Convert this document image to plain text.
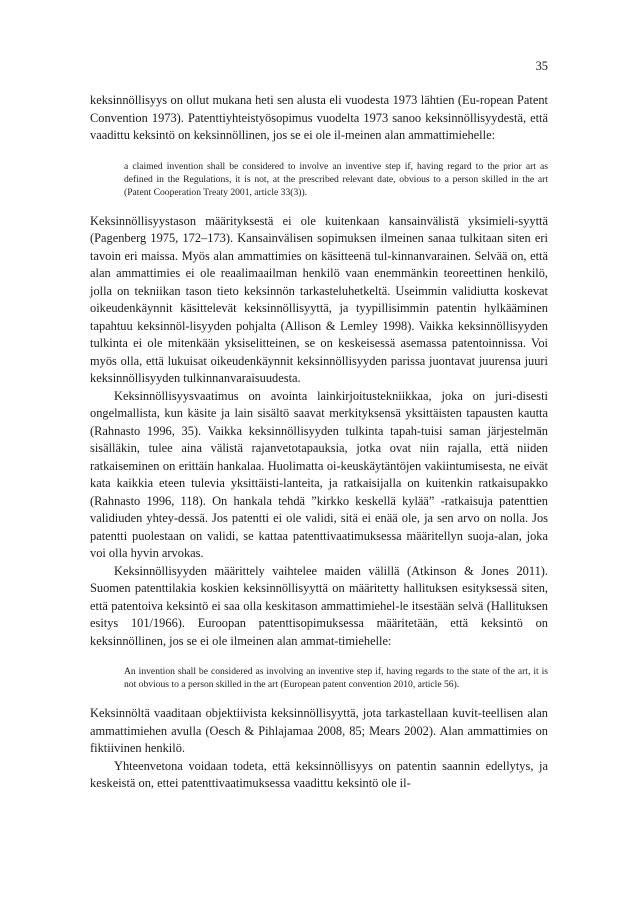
35

keksinnöllisyys on ollut mukana heti sen alusta eli vuodesta 1973 lähtien (Eu-ropean Patent Convention 1973). Patenttiyhteistyösopimus vuodelta 1973 sanoo keksinnöllisyydestä, että vaadittu keksintö on keksinnöllinen, jos se ei ole il-meinen alan ammattimiehelle:

a claimed invention shall be considered to involve an inventive step if, having regard to the prior art as defined in the Regulations, it is not, at the prescribed relevant date, obvious to a person skilled in the art (Patent Cooperation Treaty 2001, article 33(3)).

Keksinnöllisyystason määrityksestä ei ole kuitenkaan kansainvälistä yksimieli-syyttä (Pagenberg 1975, 172–173). Kansainvälisen sopimuksen ilmeinen sanaa tulkitaan siten eri tavoin eri maissa. Myös alan ammattimies on käsitteenä tul-kinnanvarainen. Selvää on, että alan ammattimies ei ole reaalimaailman henkilö vaan enemmänkin teoreettinen henkilö, jolla on tekniikan tason tieto keksinnön tarkasteluhetkeltä. Useimmin validiutta koskevat oikeudenkäynnit käsittelevät keksinnöllisyyttä, ja tyypillisimmin patentin hylkääminen tapahtuu keksinnöl-lisyyden pohjalta (Allison & Lemley 1998). Vaikka keksinnöllisyyden tulkinta ei ole mitenkään yksiselitteinen, se on keskeisessä asemassa patentoinnissa. Voi myös olla, että lukuisat oikeudenkäynnit keksinnöllisyyden parissa juontavat juurensa juuri keksinnöllisyyden tulkinnanvaraisuudesta.

Keksinnöllisyysvaatimus on avointa lainkirjoitustekniikkaa, joka on juri-disesti ongelmallista, kun käsite ja lain sisältö saavat merkityksensä yksittäisten tapausten kautta (Rahnasto 1996, 35). Vaikka keksinnöllisyyden tulkinta tapah-tuisi saman järjestelmän sisälläkin, tulee aina välistä rajanvetotapauksia, jotka ovat niin rajalla, että niiden ratkaiseminen on erittäin hankalaa. Huolimatta oi-keuskäytäntöjen vakiintumisesta, ne eivät kata kaikkia eteen tulevia yksittäisti-lanteita, ja ratkaisijalla on kuitenkin ratkaisupakko (Rahnasto 1996, 118). On hankala tehdä ”kirkko keskellä kylää” -ratkaisuja patenttien validiuden yhtey-dessä. Jos patentti ei ole validi, sitä ei enää ole, ja sen arvo on nolla. Jos patentti puolestaan on validi, se kattaa patenttivaatimuksessa määritellyn suoja-alan, joka voi olla hyvin arvokas.

Keksinnöllisyyden määrittely vaihtelee maiden välillä (Atkinson & Jones 2011). Suomen patenttilakia koskien keksinnöllisyyttä on määritetty hallituksen esityksessä siten, että patentoiva keksintö ei saa olla keskitason ammattimiehel-le itsestään selvä (Hallituksen esitys 101/1966). Euroopan patenttisopimuksessa määritetään, että keksintö on keksinnöllinen, jos se ei ole ilmeinen alan ammat-timiehelle:

An invention shall be considered as involving an inventive step if, having regards to the state of the art, it is not obvious to a person skilled in the art (European patent convention 2010, article 56).

Keksinnöltä vaaditaan objektiivista keksinnöllisyyttä, jota tarkastellaan kuvit-teellisen alan ammattimiehen avulla (Oesch & Pihlajamaa 2008, 85; Mears 2002). Alan ammattimies on fiktiivinen henkilö.

Yhteenvetona voidaan todeta, että keksinnöllisyys on patentin saannin edellytys, ja keskeistä on, ettei patenttivaatimuksessa vaadittu keksintö ole il-
